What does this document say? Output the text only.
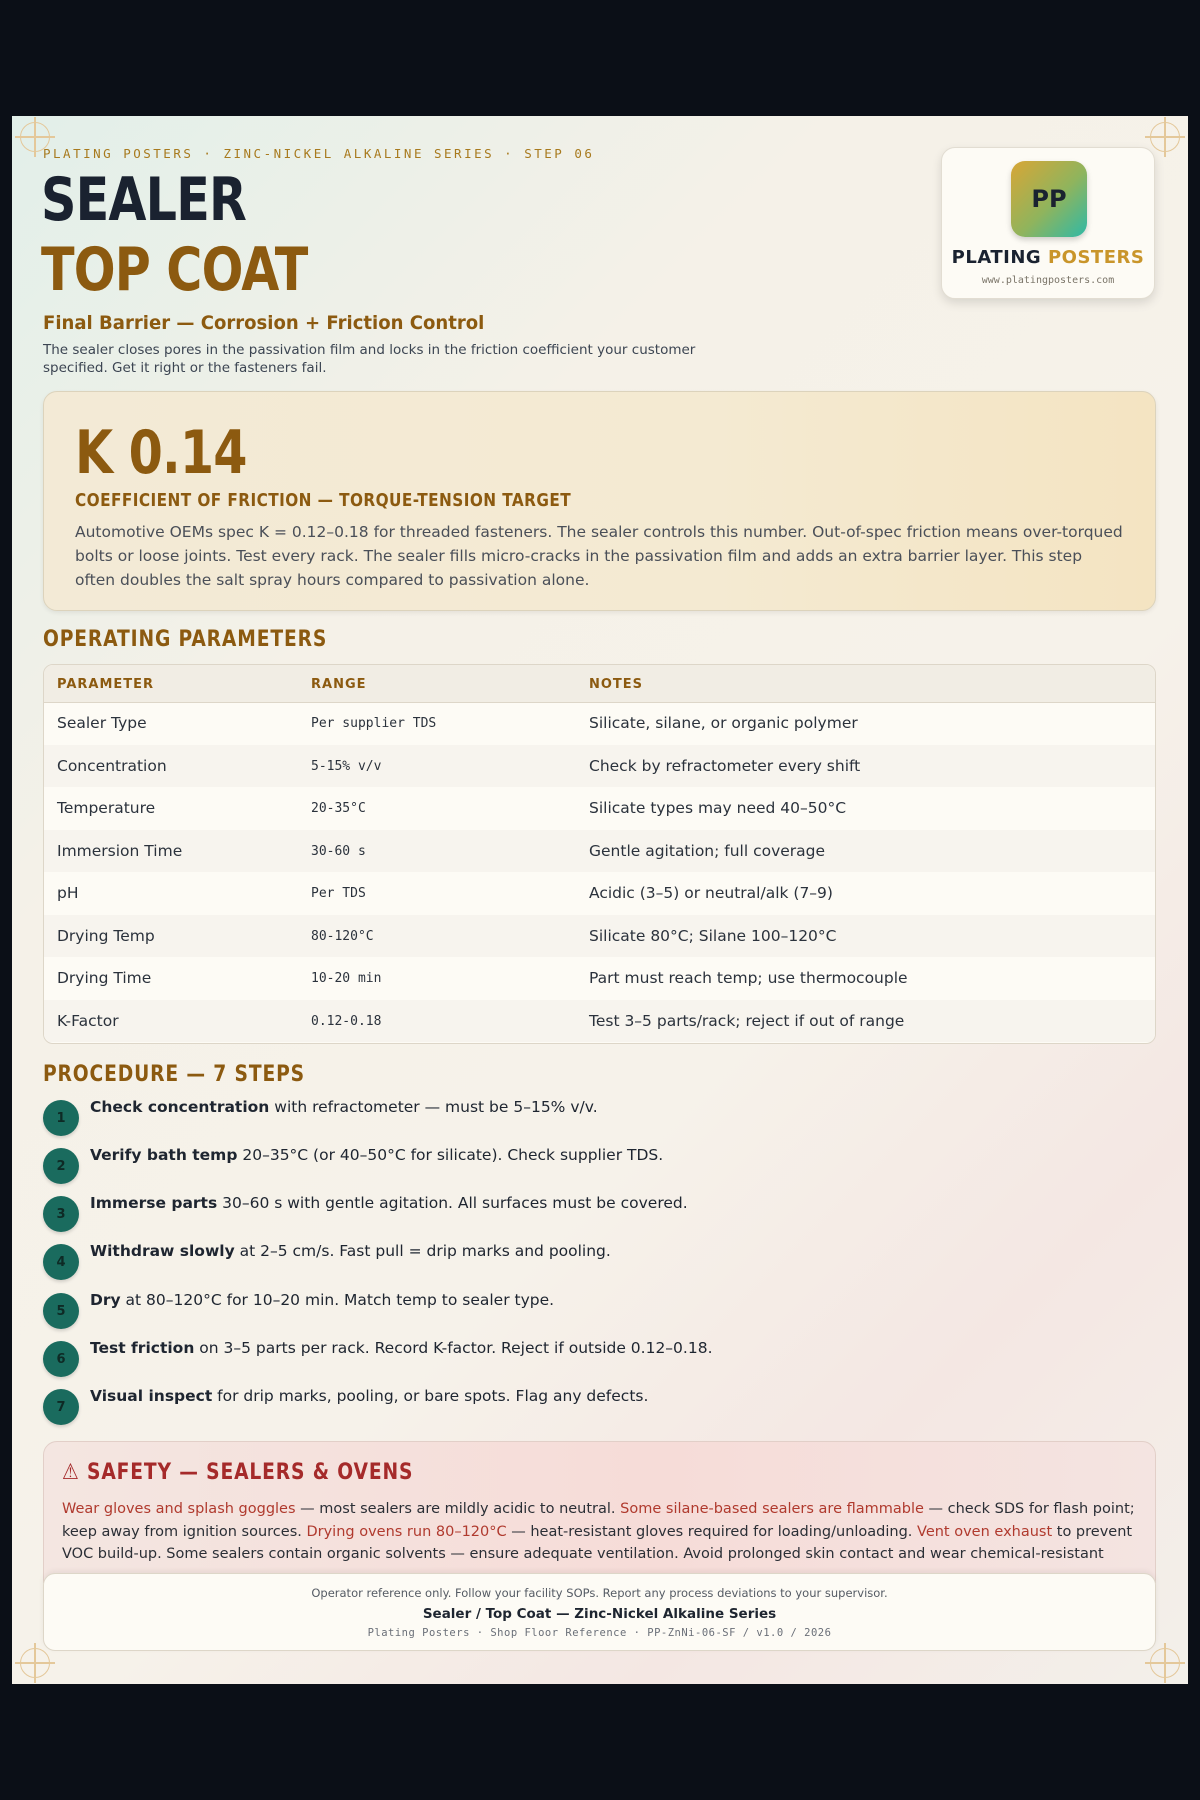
PLATING POSTERS · ZINC-NICKEL ALKALINE SERIES · STEP 06
SEALER
TOP COAT
Final Barrier — Corrosion + Friction Control
The sealer closes pores in the passivation film and locks in the friction coefficient your customer specified. Get it right or the fasteners fail.
PP
PLATING POSTERS
www.platingposters.com
K 0.14
COEFFICIENT OF FRICTION — TORQUE-TENSION TARGET
Automotive OEMs spec K = 0.12–0.18 for threaded fasteners. The sealer controls this number. Out-of-spec friction means over-torqued bolts or loose joints. Test every rack. The sealer fills micro-cracks in the passivation film and adds an extra barrier layer. This step often doubles the salt spray hours compared to passivation alone.
OPERATING PARAMETERS
PARAMETER	RANGE	NOTES
Sealer Type	Per supplier TDS	Silicate, silane, or organic polymer
Concentration	5-15% v/v	Check by refractometer every shift
Temperature	20-35°C	Silicate types may need 40–50°C
Immersion Time	30-60 s	Gentle agitation; full coverage
pH	Per TDS	Acidic (3–5) or neutral/alk (7–9)
Drying Temp	80-120°C	Silicate 80°C; Silane 100–120°C
Drying Time	10-20 min	Part must reach temp; use thermocouple
K-Factor	0.12-0.18	Test 3–5 parts/rack; reject if out of range
PROCEDURE — 7 STEPS
1
Check concentration with refractometer — must be 5–15% v/v.
2
Verify bath temp 20–35°C (or 40–50°C for silicate). Check supplier TDS.
3
Immerse parts 30–60 s with gentle agitation. All surfaces must be covered.
4
Withdraw slowly at 2–5 cm/s. Fast pull = drip marks and pooling.
5
Dry at 80–120°C for 10–20 min. Match temp to sealer type.
6
Test friction on 3–5 parts per rack. Record K-factor. Reject if outside 0.12–0.18.
7
Visual inspect for drip marks, pooling, or bare spots. Flag any defects.
⚠ SAFETY — SEALERS & OVENS
Wear gloves and splash goggles — most sealers are mildly acidic to neutral. Some silane-based sealers are flammable — check SDS for flash point; keep away from ignition sources. Drying ovens run 80–120°C — heat-resistant gloves required for loading/unloading. Vent oven exhaust to prevent VOC build-up. Some sealers contain organic solvents — ensure adequate ventilation. Avoid prolonged skin contact and wear chemical-resistant
Operator reference only. Follow your facility SOPs. Report any process deviations to your supervisor.
Sealer / Top Coat — Zinc-Nickel Alkaline Series
Plating Posters · Shop Floor Reference · PP-ZnNi-06-SF / v1.0 / 2026
